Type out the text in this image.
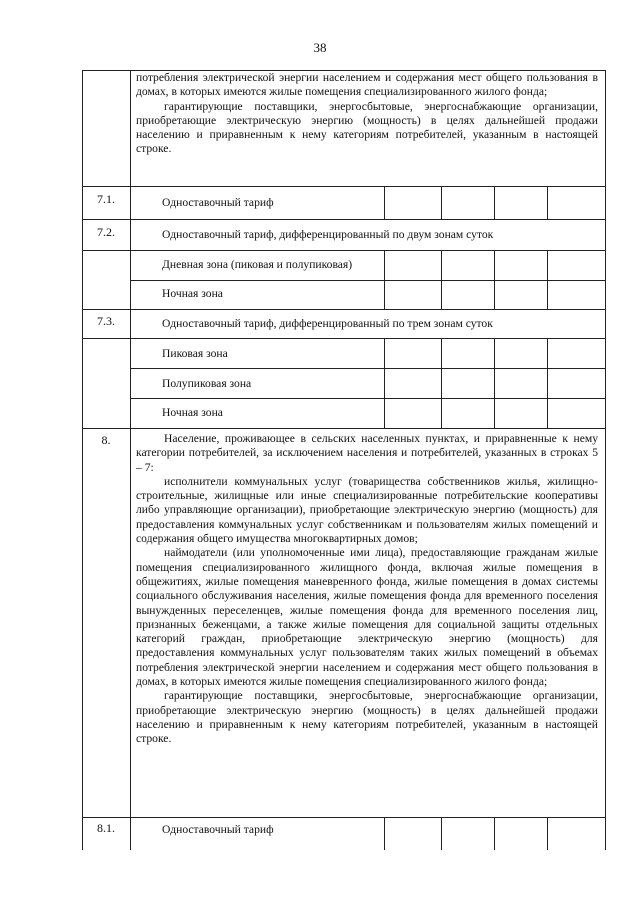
38

потребления электрической энергии населением и содержания мест общего пользования в домах, в которых имеются жилые помещения специализированного жилого фонда;

гарантирующие поставщики, энергосбытовые, энергоснабжающие организации, приобретающие электрическую энергию (мощность) в целях дальнейшей продажи населению и приравненным к нему категориям потребителей, указанным в настоящей строке.

7.1.	Одноставочный тариф
7.2.	Одноставочный тариф, дифференцированный по двум зонам суток
Дневная зона (пиковая и полупиковая)
Ночная зона
7.3.	Одноставочный тариф, дифференцированный по трем зонам суток
Пиковая зона
Полупиковая зона
Ночная зона
8.	Население, проживающее в сельских населенных пунктах, и приравненные к нему категории потребителей, за исключением населения и потребителей, указанных в строках 5 – 7:

исполнители коммунальных услуг (товарищества собственников жилья, жилищно-строительные, жилищные или иные специализированные потребительские кооперативы либо управляющие организации), приобретающие электрическую энергию (мощность) для предоставления коммунальных услуг собственникам и пользователям жилых помещений и содержания общего имущества многоквартирных домов;

наймодатели (или уполномоченные ими лица), предоставляющие гражданам жилые помещения специализированного жилищного фонда, включая жилые помещения в общежитиях, жилые помещения маневренного фонда, жилые помещения в домах системы социального обслуживания населения, жилые помещения фонда для временного поселения вынужденных переселенцев, жилые помещения фонда для временного поселения лиц, признанных беженцами, а также жилые помещения для социальной защиты отдельных категорий граждан, приобретающие электрическую энергию (мощность) для предоставления коммунальных услуг пользователям таких жилых помещений в объемах потребления электрической энергии населением и содержания мест общего пользования в домах, в которых имеются жилые помещения специализированного жилого фонда;

гарантирующие поставщики, энергосбытовые, энергоснабжающие организации, приобретающие электрическую энергию (мощность) в целях дальнейшей продажи населению и приравненным к нему категориям потребителей, указанным в настоящей строке.

8.1.	Одноставочный тариф
